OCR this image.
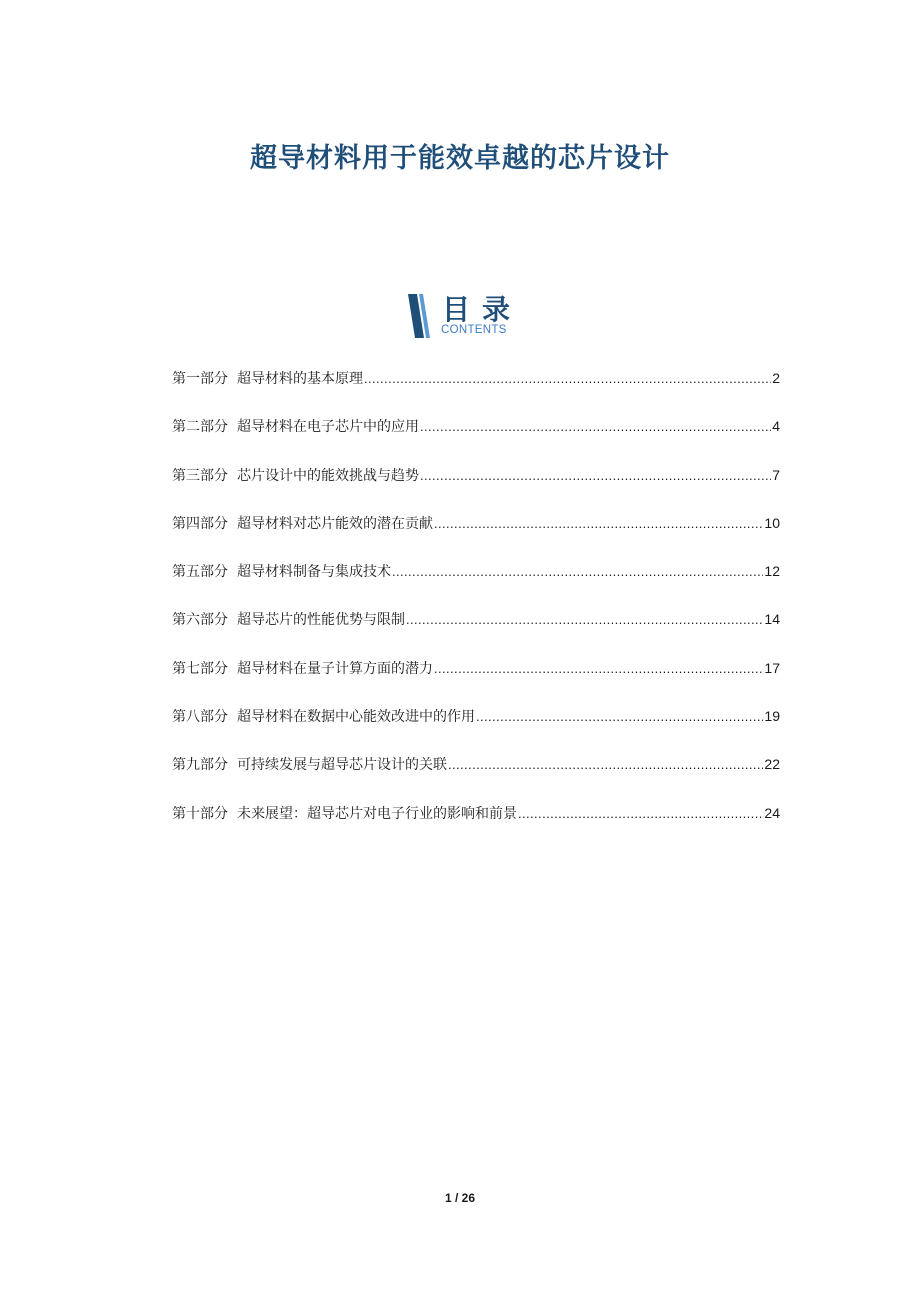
超导材料用于能效卓越的芯片设计
目录
CONTENTS
第一部分 超导材料的基本原理 .....	2
第二部分 超导材料在电子芯片中的应用 .....	4
第三部分 芯片设计中的能效挑战与趋势 .....	7
第四部分 超导材料对芯片能效的潜在贡献 .....	10
第五部分 超导材料制备与集成技术 .....	12
第六部分 超导芯片的性能优势与限制 .....	14
第七部分 超导材料在量子计算方面的潜力 .....	17
第八部分 超导材料在数据中心能效改进中的作用 .....	19
第九部分 可持续发展与超导芯片设计的关联 .....	22
第十部分 未来展望：超导芯片对电子行业的影响和前景 .....	24
1 / 26
